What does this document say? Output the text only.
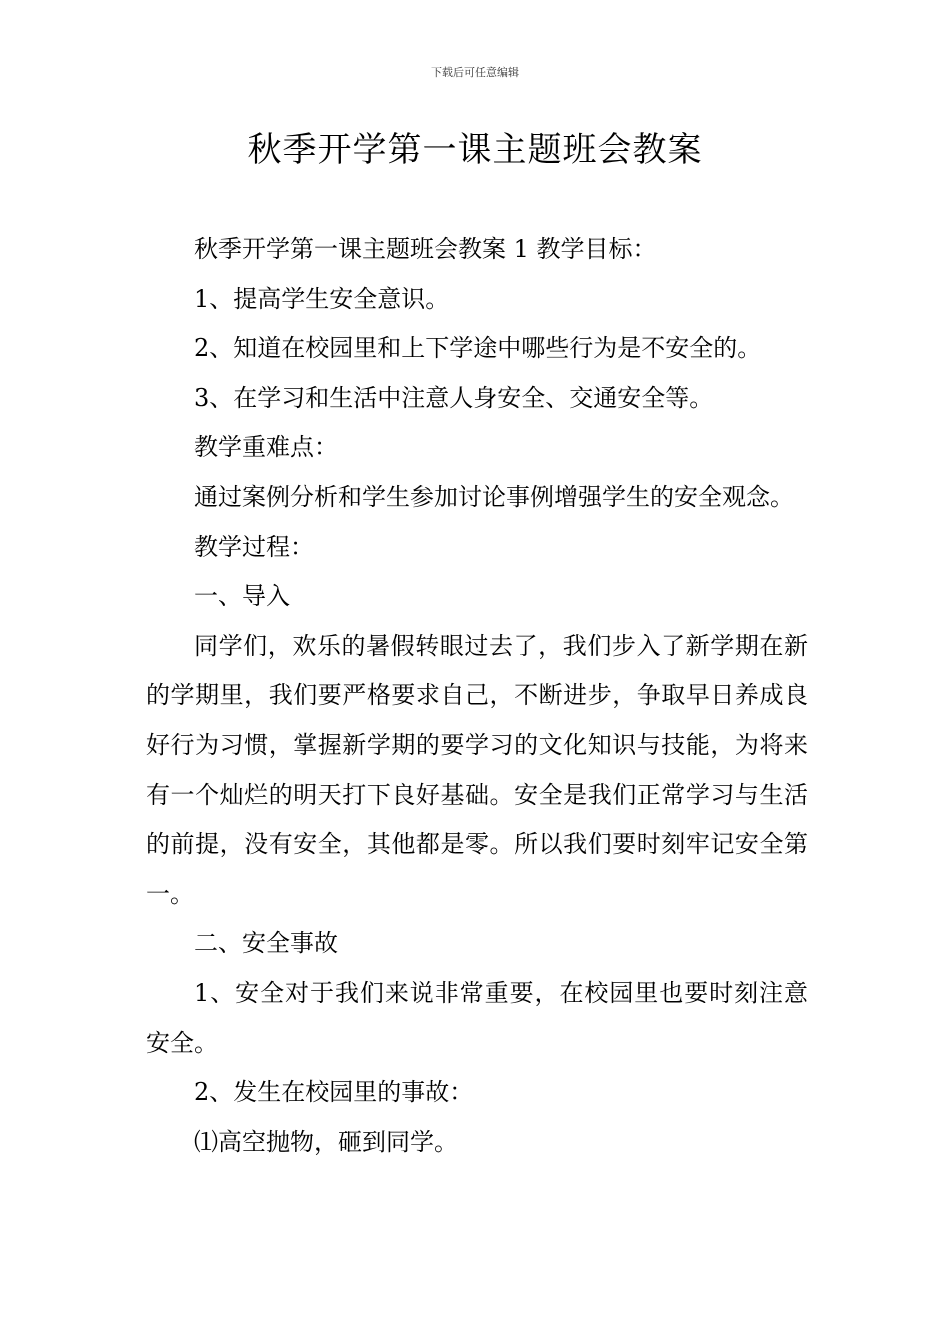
下载后可任意编辑
秋季开学第一课主题班会教案

秋季开学第一课主题班会教案 1 教学目标：

1、提高学生安全意识。

2、知道在校园里和上下学途中哪些行为是不安全的。

3、在学习和生活中注意人身安全、交通安全等。

教学重难点：

通过案例分析和学生参加讨论事例增强学生的安全观念。

教学过程：

一、导入

同学们，欢乐的暑假转眼过去了，我们步入了新学期在新的学期里，我们要严格要求自己，不断进步，争取早日养成良好行为习惯，掌握新学期的要学习的文化知识与技能，为将来有一个灿烂的明天打下良好基础。安全是我们正常学习与生活的前提，没有安全，其他都是零。所以我们要时刻牢记安全第一。

二、安全事故

1、安全对于我们来说非常重要，在校园里也要时刻注意安全。

2、发生在校园里的事故：

⑴高空抛物，砸到同学。
